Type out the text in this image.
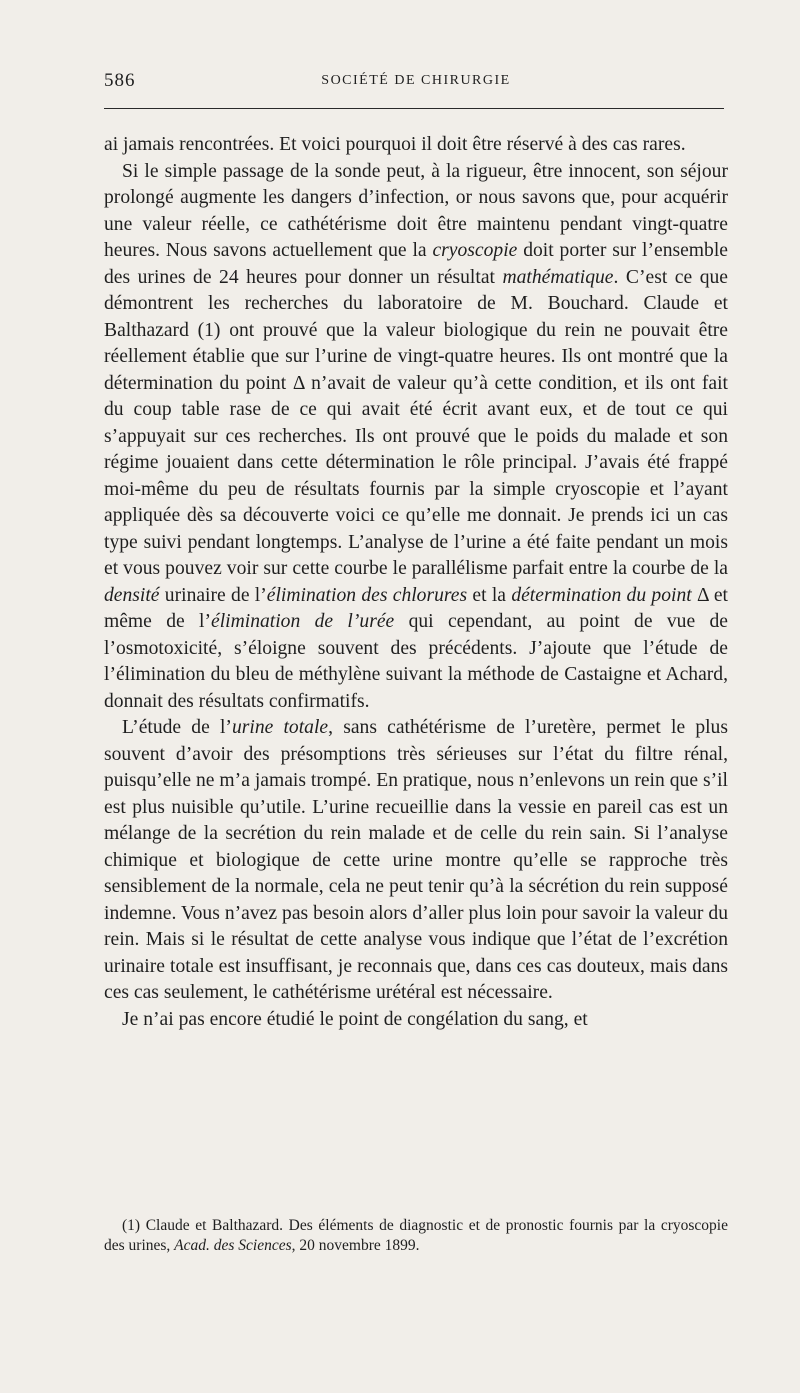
586	SOCIÉTÉ DE CHIRURGIE

ai jamais rencontrées. Et voici pourquoi il doit être réservé à des cas rares.

Si le simple passage de la sonde peut, à la rigueur, être innocent, son séjour prolongé augmente les dangers d’infection, or nous savons que, pour acquérir une valeur réelle, ce cathétérisme doit être maintenu pendant vingt-quatre heures. Nous savons actuellement que la cryoscopie doit porter sur l’ensemble des urines de 24 heures pour donner un résultat mathématique. C’est ce que démontrent les recherches du laboratoire de M. Bouchard. Claude et Balthazard (1) ont prouvé que la valeur biologique du rein ne pouvait être réellement établie que sur l’urine de vingt-quatre heures. Ils ont montré que la détermination du point Δ n’avait de valeur qu’à cette condition, et ils ont fait du coup table rase de ce qui avait été écrit avant eux, et de tout ce qui s’appuyait sur ces recherches. Ils ont prouvé que le poids du malade et son régime jouaient dans cette détermination le rôle principal. J’avais été frappé moi-même du peu de résultats fournis par la simple cryoscopie et l’ayant appliquée dès sa découverte voici ce qu’elle me donnait. Je prends ici un cas type suivi pendant longtemps. L’analyse de l’urine a été faite pendant un mois et vous pouvez voir sur cette courbe le parallélisme parfait entre la courbe de la densité urinaire de l’élimination des chlorures et la détermination du point Δ et même de l’élimination de l’urée qui cependant, au point de vue de l’osmotoxicité, s’éloigne souvent des précédents. J’ajoute que l’étude de l’élimination du bleu de méthylène suivant la méthode de Castaigne et Achard, donnait des résultats confirmatifs.

L’étude de l’urine totale, sans cathétérisme de l’uretère, permet le plus souvent d’avoir des présomptions très sérieuses sur l’état du filtre rénal, puisqu’elle ne m’a jamais trompé. En pratique, nous n’enlevons un rein que s’il est plus nuisible qu’utile. L’urine recueillie dans la vessie en pareil cas est un mélange de la secrétion du rein malade et de celle du rein sain. Si l’analyse chimique et biologique de cette urine montre qu’elle se rapproche très sensiblement de la normale, cela ne peut tenir qu’à la sécrétion du rein supposé indemne. Vous n’avez pas besoin alors d’aller plus loin pour savoir la valeur du rein. Mais si le résultat de cette analyse vous indique que l’état de l’excrétion urinaire totale est insuffisant, je reconnais que, dans ces cas douteux, mais dans ces cas seulement, le cathétérisme urétéral est nécessaire.

Je n’ai pas encore étudié le point de congélation du sang, et

(1) Claude et Balthazard. Des éléments de diagnostic et de pronostic fournis par la cryoscopie des urines, Acad. des Sciences, 20 novembre 1899.
